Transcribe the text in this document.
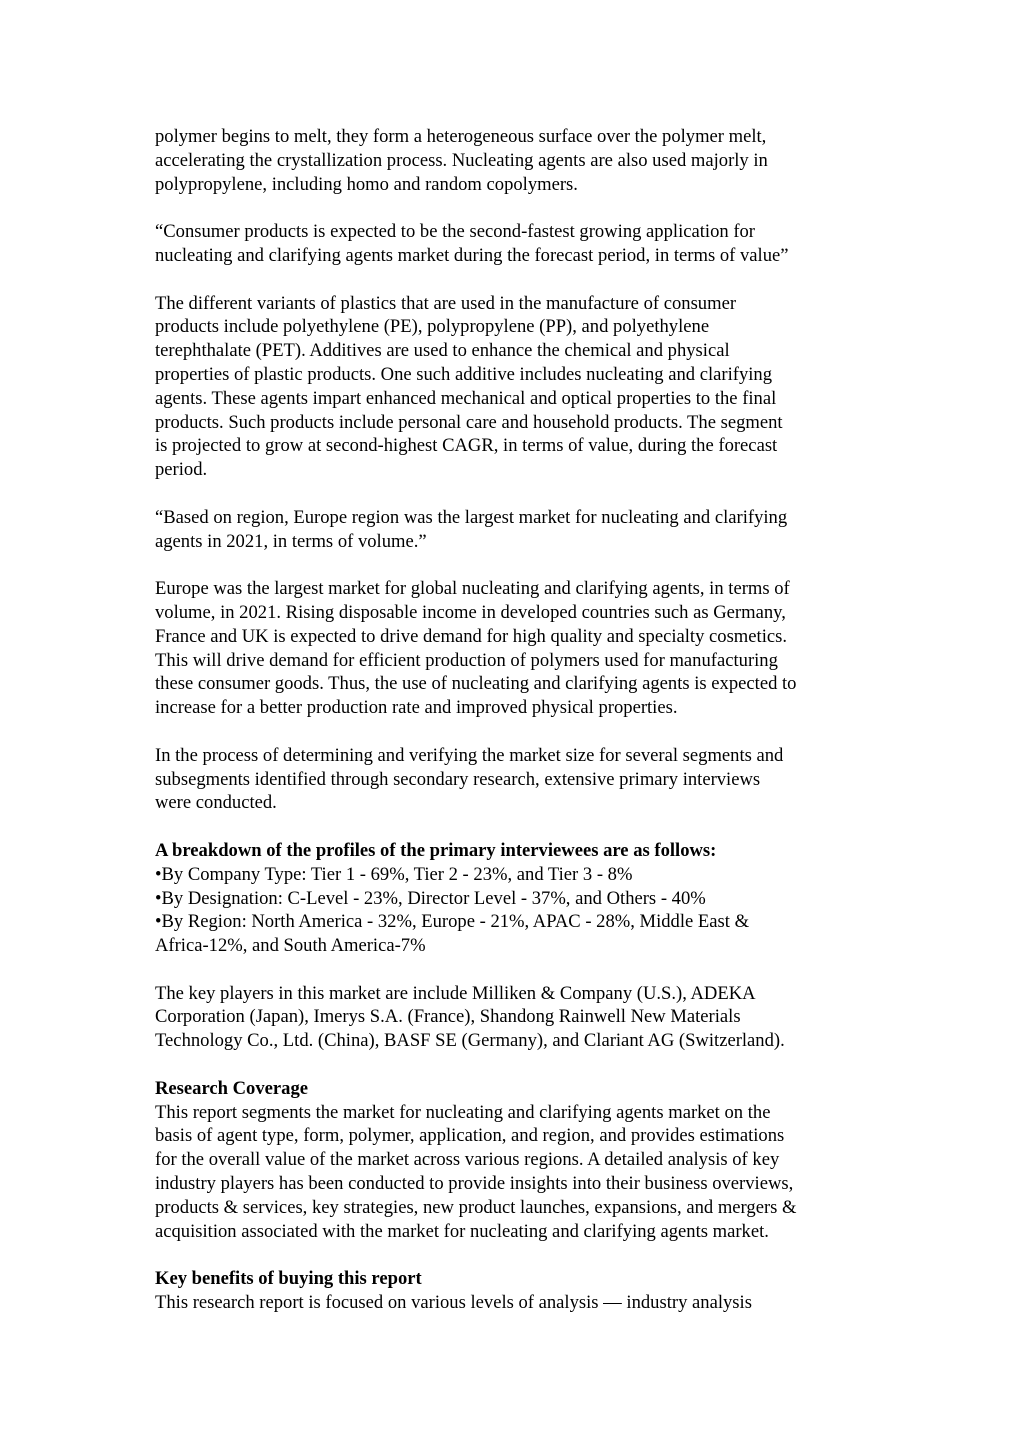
polymer begins to melt, they form a heterogeneous surface over the polymer melt,
accelerating the crystallization process. Nucleating agents are also used majorly in
polypropylene, including homo and random copolymers.

“Consumer products is expected to be the second-fastest growing application for
nucleating and clarifying agents market during the forecast period, in terms of value”

The different variants of plastics that are used in the manufacture of consumer
products include polyethylene (PE), polypropylene (PP), and polyethylene
terephthalate (PET). Additives are used to enhance the chemical and physical
properties of plastic products. One such additive includes nucleating and clarifying
agents. These agents impart enhanced mechanical and optical properties to the final
products. Such products include personal care and household products. The segment
is projected to grow at second-highest CAGR, in terms of value, during the forecast
period.

“Based on region, Europe region was the largest market for nucleating and clarifying
agents in 2021, in terms of volume.”

Europe was the largest market for global nucleating and clarifying agents, in terms of
volume, in 2021. Rising disposable income in developed countries such as Germany,
France and UK is expected to drive demand for high quality and specialty cosmetics.
This will drive demand for efficient production of polymers used for manufacturing
these consumer goods. Thus, the use of nucleating and clarifying agents is expected to
increase for a better production rate and improved physical properties.

In the process of determining and verifying the market size for several segments and
subsegments identified through secondary research, extensive primary interviews
were conducted.

A breakdown of the profiles of the primary interviewees are as follows:
•By Company Type: Tier 1 - 69%, Tier 2 - 23%, and Tier 3 - 8%
•By Designation: C-Level - 23%, Director Level - 37%, and Others - 40%
•By Region: North America - 32%, Europe - 21%, APAC - 28%, Middle East &
Africa-12%, and South America-7%

The key players in this market are include Milliken & Company (U.S.), ADEKA
Corporation (Japan), Imerys S.A. (France), Shandong Rainwell New Materials
Technology Co., Ltd. (China), BASF SE (Germany), and Clariant AG (Switzerland).

Research Coverage
This report segments the market for nucleating and clarifying agents market on the
basis of agent type, form, polymer, application, and region, and provides estimations
for the overall value of the market across various regions. A detailed analysis of key
industry players has been conducted to provide insights into their business overviews,
products & services, key strategies, new product launches, expansions, and mergers &
acquisition associated with the market for nucleating and clarifying agents market.
Key benefits of buying this report
This research report is focused on various levels of analysis — industry analysis
